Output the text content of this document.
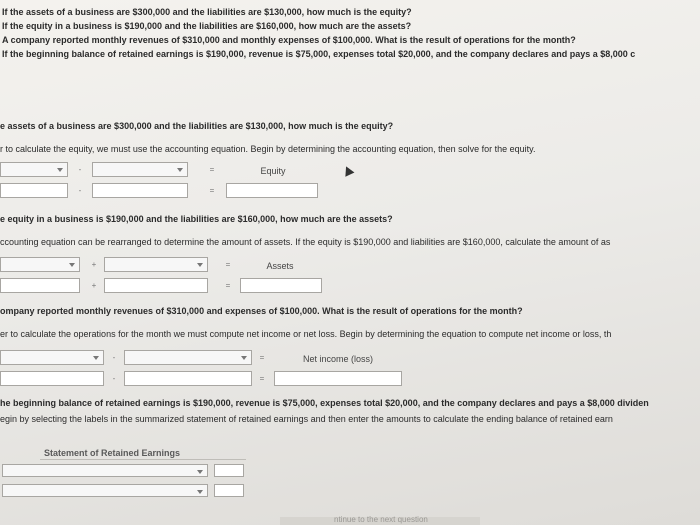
If the assets of a business are $300,000 and the liabilities are $130,000, how much is the equity?
If the equity in a business is $190,000 and the liabilities are $160,000, how much are the assets?
A company reported monthly revenues of $310,000 and monthly expenses of $100,000. What is the result of operations for the month?
If the beginning balance of retained earnings is $190,000, revenue is $75,000, expenses total $20,000, and the company declares and pays a $8,000 c
e assets of a business are $300,000 and the liabilities are $130,000, how much is the equity?
r to calculate the equity, we must use the accounting equation. Begin by determining the accounting equation, then solve for the equity.
-	=	Equity
-	=
e equity in a business is $190,000 and the liabilities are $160,000, how much are the assets?
ccounting equation can be rearranged to determine the amount of assets. If the equity is $190,000 and liabilities are $160,000, calculate the amount of as
+	=	Assets
+	=
ompany reported monthly revenues of $310,000 and expenses of $100,000. What is the result of operations for the month?
er to calculate the operations for the month we must compute net income or net loss. Begin by determining the equation to compute net income or loss, th
-	=	Net income (loss)
-	=
he beginning balance of retained earnings is $190,000, revenue is $75,000, expenses total $20,000, and the company declares and pays a $8,000 dividen
egin by selecting the labels in the summarized statement of retained earnings and then enter the amounts to calculate the ending balance of retained earn
Statement of Retained Earnings
ntinue to the next question
